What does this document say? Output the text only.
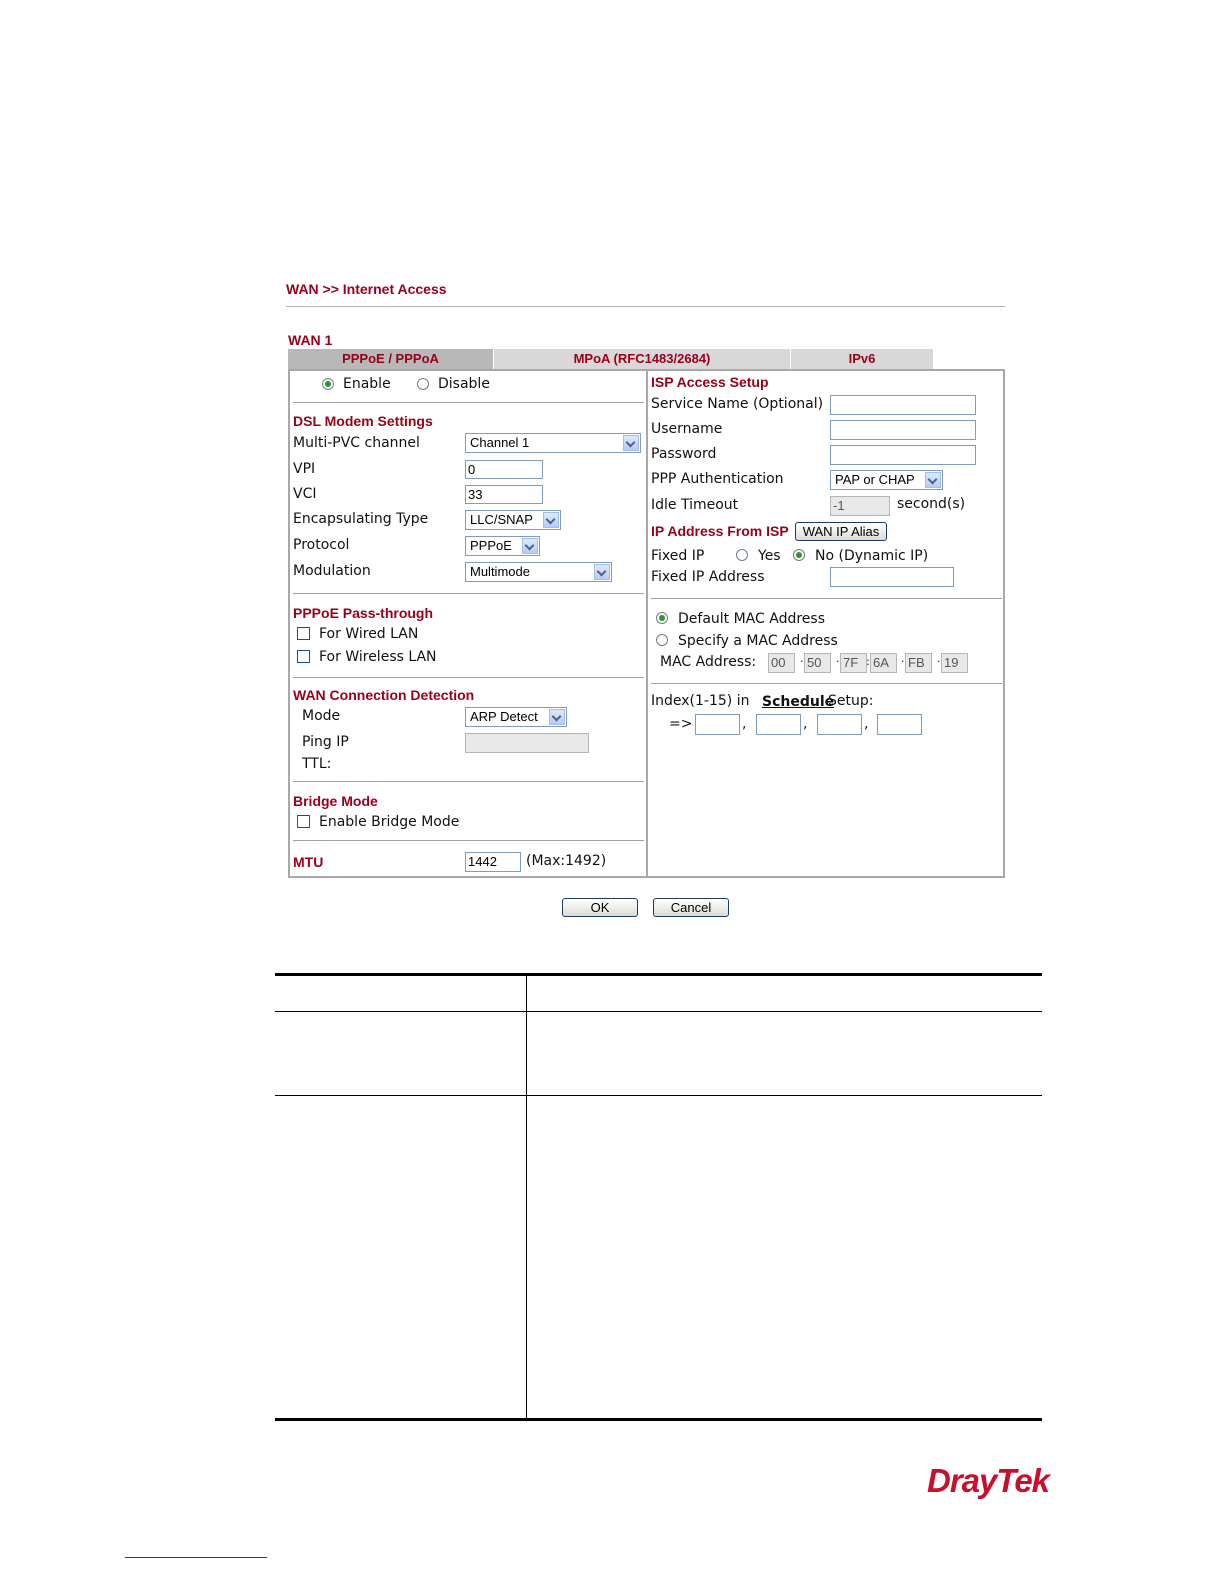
WAN >> Internet Access
WAN 1
PPPoE / PPPoA	MPoA (RFC1483/2684)	IPv6
Enable	Disable
DSL Modem Settings
Multi-PVC channel	Channel 1
VPI	0
VCI	33
Encapsulating Type	LLC/SNAP
Protocol	PPPoE
Modulation	Multimode
PPPoE Pass-through
For Wired LAN
For Wireless LAN
WAN Connection Detection
Mode	ARP Detect
Ping IP
TTL:
Bridge Mode
Enable Bridge Mode
MTU	1442	(Max:1492)
ISP Access Setup
Service Name (Optional)
Username
Password
PPP Authentication	PAP or CHAP
Idle Timeout	-1	second(s)
IP Address From ISP	WAN IP Alias
Fixed IP	Yes No (Dynamic IP)
Fixed IP Address
Default MAC Address
Specify a MAC Address
MAC Address: 00	· 50	· 7F : 6A	· FB	· 19
Index(1-15) in Schedule
Setup:
=>	,	,	,
OK	Cancel
DrayTek
